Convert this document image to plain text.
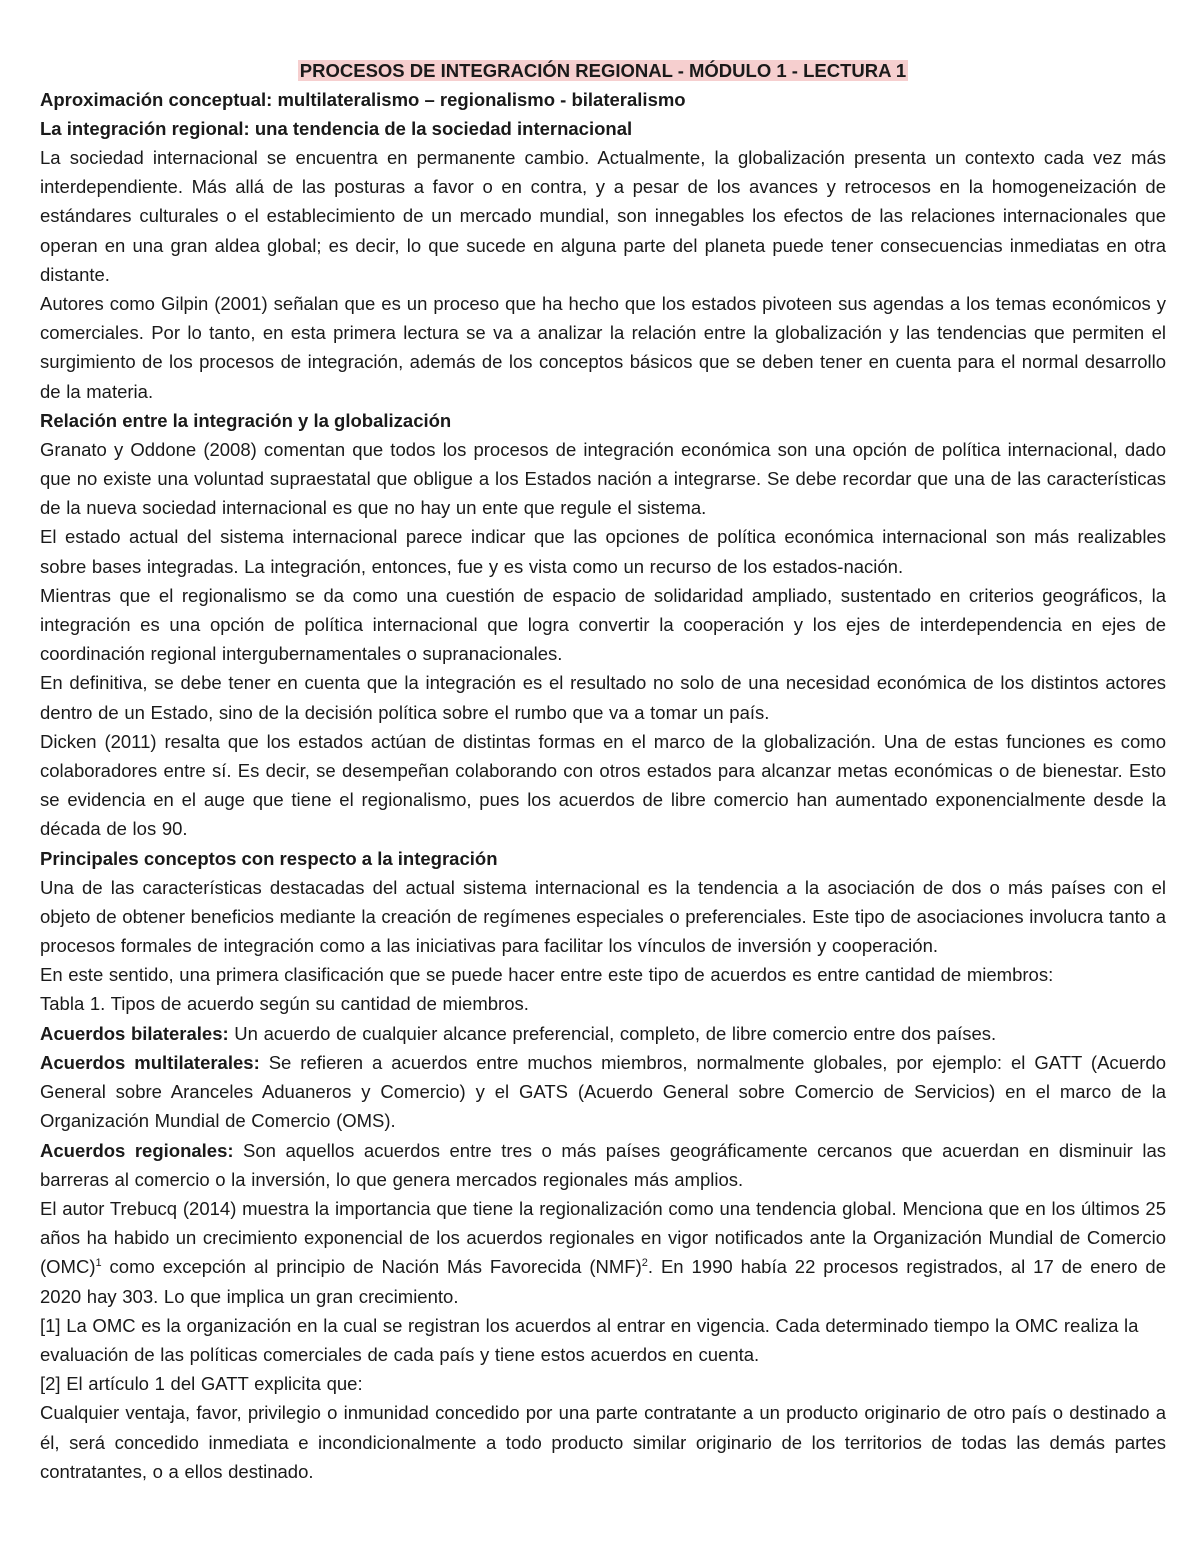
PROCESOS DE INTEGRACIÓN REGIONAL - MÓDULO 1 - LECTURA 1
Aproximación conceptual: multilateralismo – regionalismo - bilateralismo
La integración regional: una tendencia de la sociedad internacional

La sociedad internacional se encuentra en permanente cambio. Actualmente, la globalización presenta un contexto cada vez más interdependiente. Más allá de las posturas a favor o en contra, y a pesar de los avances y retrocesos en la homogeneización de estándares culturales o el establecimiento de un mercado mundial, son innegables los efectos de las relaciones internacionales que operan en una gran aldea global; es decir, lo que sucede en alguna parte del planeta puede tener consecuencias inmediatas en otra distante.

Autores como Gilpin (2001) señalan que es un proceso que ha hecho que los estados pivoteen sus agendas a los temas económicos y comerciales. Por lo tanto, en esta primera lectura se va a analizar la relación entre la globalización y las tendencias que permiten el surgimiento de los procesos de integración, además de los conceptos básicos que se deben tener en cuenta para el normal desarrollo de la materia.

Relación entre la integración y la globalización

Granato y Oddone (2008) comentan que todos los procesos de integración económica son una opción de política internacional, dado que no existe una voluntad supraestatal que obligue a los Estados nación a integrarse. Se debe recordar que una de las características de la nueva sociedad internacional es que no hay un ente que regule el sistema.

El estado actual del sistema internacional parece indicar que las opciones de política económica internacional son más realizables sobre bases integradas. La integración, entonces, fue y es vista como un recurso de los estados-nación.

Mientras que el regionalismo se da como una cuestión de espacio de solidaridad ampliado, sustentado en criterios geográficos, la integración es una opción de política internacional que logra convertir la cooperación y los ejes de interdependencia en ejes de coordinación regional intergubernamentales o supranacionales.

En definitiva, se debe tener en cuenta que la integración es el resultado no solo de una necesidad económica de los distintos actores dentro de un Estado, sino de la decisión política sobre el rumbo que va a tomar un país.

Dicken (2011) resalta que los estados actúan de distintas formas en el marco de la globalización. Una de estas funciones es como colaboradores entre sí. Es decir, se desempeñan colaborando con otros estados para alcanzar metas económicas o de bienestar. Esto se evidencia en el auge que tiene el regionalismo, pues los acuerdos de libre comercio han aumentado exponencialmente desde la década de los 90.

Principales conceptos con respecto a la integración

Una de las características destacadas del actual sistema internacional es la tendencia a la asociación de dos o más países con el objeto de obtener beneficios mediante la creación de regímenes especiales o preferenciales. Este tipo de asociaciones involucra tanto a procesos formales de integración como a las iniciativas para facilitar los vínculos de inversión y cooperación.

En este sentido, una primera clasificación que se puede hacer entre este tipo de acuerdos es entre cantidad de miembros:

Tabla 1. Tipos de acuerdo según su cantidad de miembros.

Acuerdos bilaterales: Un acuerdo de cualquier alcance preferencial, completo, de libre comercio entre dos países.

Acuerdos multilaterales: Se refieren a acuerdos entre muchos miembros, normalmente globales, por ejemplo: el GATT (Acuerdo General sobre Aranceles Aduaneros y Comercio) y el GATS (Acuerdo General sobre Comercio de Servicios) en el marco de la Organización Mundial de Comercio (OMS).

Acuerdos regionales: Son aquellos acuerdos entre tres o más países geográficamente cercanos que acuerdan en disminuir las barreras al comercio o la inversión, lo que genera mercados regionales más amplios.

El autor Trebucq (2014) muestra la importancia que tiene la regionalización como una tendencia global. Menciona que en los últimos 25 años ha habido un crecimiento exponencial de los acuerdos regionales en vigor notificados ante la Organización Mundial de Comercio (OMC)$^1$ como excepción al principio de Nación Más Favorecida (NMF)$^2$. En 1990 había 22 procesos registrados, al 17 de enero de 2020 hay 303. Lo que implica un gran crecimiento.

[1] La OMC es la organización en la cual se registran los acuerdos al entrar en vigencia. Cada determinado tiempo la OMC realiza la evaluación de las políticas comerciales de cada país y tiene estos acuerdos en cuenta.

[2] El artículo 1 del GATT explicita que:

Cualquier ventaja, favor, privilegio o inmunidad concedido por una parte contratante a un producto originario de otro país o destinado a él, será concedido inmediata e incondicionalmente a todo producto similar originario de los territorios de todas las demás partes contratantes, o a ellos destinado.
